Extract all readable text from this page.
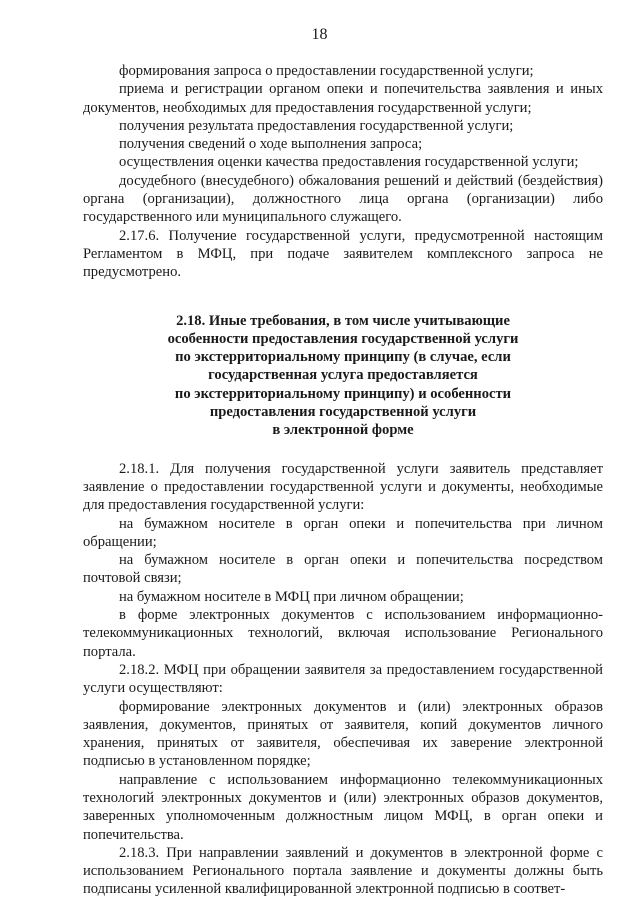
18

формирования запроса о предоставлении государственной услуги;

приема и регистрации органом опеки и попечительства заявления и иных документов, необходимых для предоставления государственной услуги;

получения результата предоставления государственной услуги;

получения сведений о ходе выполнения запроса;

осуществления оценки качества предоставления государственной услуги;

досудебного (внесудебного) обжалования решений и действий (бездействия) органа (организации), должностного лица органа (организации) либо государственного или муниципального служащего.

2.17.6. Получение государственной услуги, предусмотренной настоящим Регламентом в МФЦ, при подаче заявителем комплексного запроса не предусмотрено.

2.18. Иные требования, в том числе учитывающие
особенности предоставления государственной услуги
по экстерриториальному принципу (в случае, если
государственная услуга предоставляется
по экстерриториальному принципу) и особенности
предоставления государственной услуги
в электронной форме

2.18.1. Для получения государственной услуги заявитель представляет заявление о предоставлении государственной услуги и документы, необходимые для предоставления государственной услуги:

на бумажном носителе в орган опеки и попечительства при личном обращении;

на бумажном носителе в орган опеки и попечительства посредством почтовой связи;

на бумажном носителе в МФЦ при личном обращении;

в форме электронных документов с использованием информационно-телекоммуникационных технологий, включая использование Регионального портала.

2.18.2. МФЦ при обращении заявителя за предоставлением государственной услуги осуществляют:

формирование электронных документов и (или) электронных образов заявления, документов, принятых от заявителя, копий документов личного хранения, принятых от заявителя, обеспечивая их заверение электронной подписью в установленном порядке;

направление с использованием информационно телекоммуникационных технологий электронных документов и (или) электронных образов документов, заверенных уполномоченным должностным лицом МФЦ, в орган опеки и попечительства.

2.18.3. При направлении заявлений и документов в электронной форме с использованием Регионального портала заявление и документы должны быть подписаны усиленной квалифицированной электронной подписью в соответ-
